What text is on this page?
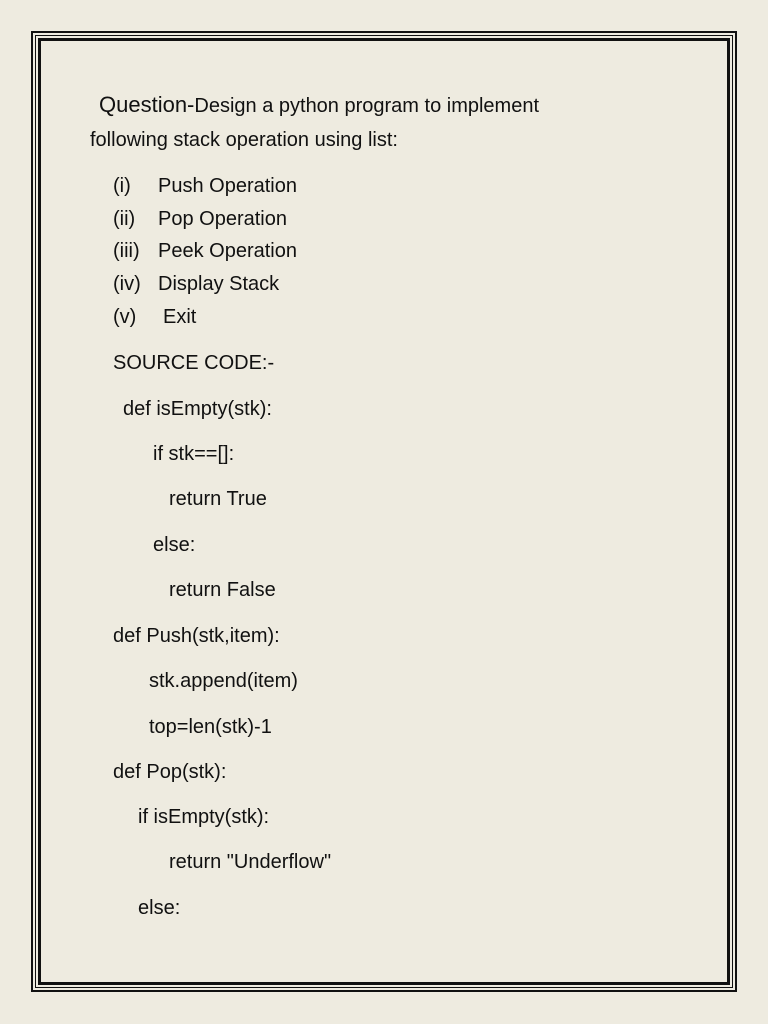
Question-Design a python program to implement
following stack operation using list:
(i) Push Operation
(ii) Pop Operation
(iii) Peek Operation
(iv) Display Stack
(v) Exit
SOURCE CODE:-
def isEmpty(stk):
if stk==[]:
return True
else:
return False
def Push(stk,item):
stk.append(item)
top=len(stk)-1
def Pop(stk):
if isEmpty(stk):
return "Underflow"
else:
